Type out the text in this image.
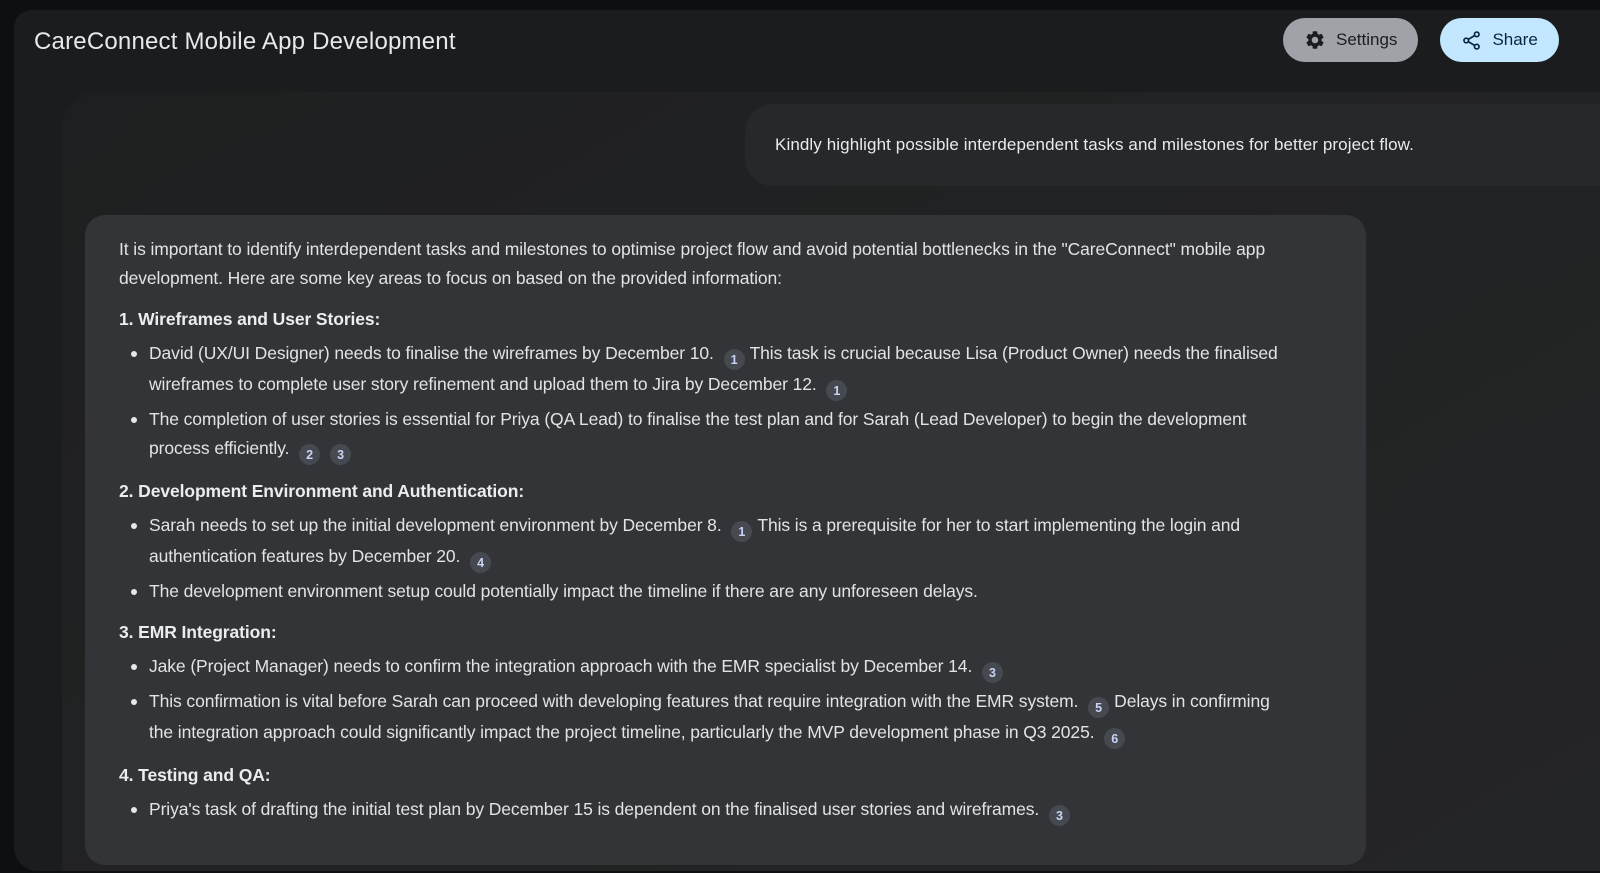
CareConnect Mobile App Development	Settings	Share

Kindly highlight possible interdependent tasks and milestones for better project flow.

It is important to identify interdependent tasks and milestones to optimise project flow and avoid potential bottlenecks in the "CareConnect" mobile app development. Here are some key areas to focus on based on the provided information:

1. Wireframes and User Stories:
David (UX/UI Designer) needs to finalise the wireframes by December 10. 1 This task is crucial because Lisa (Product Owner) needs the finalised wireframes to complete user story refinement and upload them to Jira by December 12. 1
The completion of user stories is essential for Priya (QA Lead) to finalise the test plan and for Sarah (Lead Developer) to begin the development process efficiently. 2 3
2. Development Environment and Authentication:
Sarah needs to set up the initial development environment by December 8. 1 This is a prerequisite for her to start implementing the login and authentication features by December 20. 4
The development environment setup could potentially impact the timeline if there are any unforeseen delays.
3. EMR Integration:
Jake (Project Manager) needs to confirm the integration approach with the EMR specialist by December 14. 3
This confirmation is vital before Sarah can proceed with developing features that require integration with the EMR system. 5 Delays in confirming the integration approach could significantly impact the project timeline, particularly the MVP development phase in Q3 2025. 6
4. Testing and QA:
Priya's task of drafting the initial test plan by December 15 is dependent on the finalised user stories and wireframes. 3
